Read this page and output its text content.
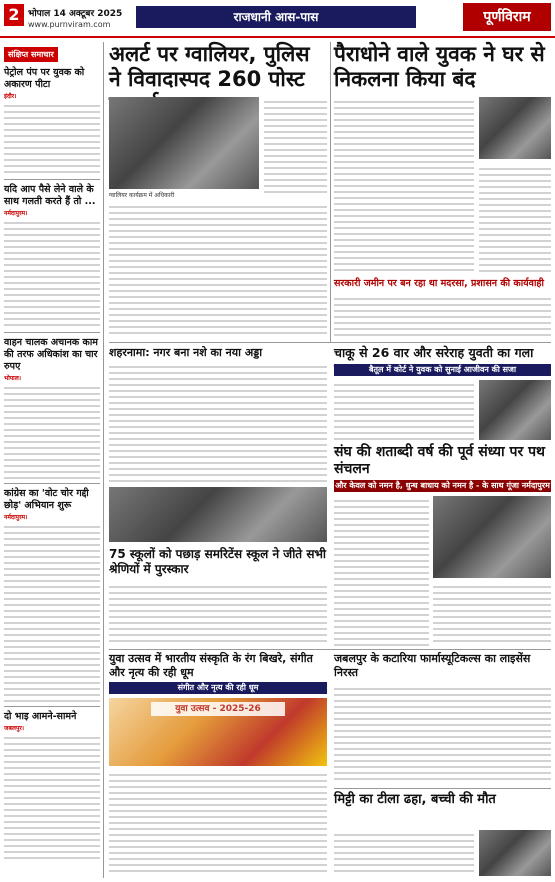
2 भोपाल 14 अक्टूबर 2025
www.purnviram.com
राजधानी आस-पास	पूर्णविराम
संक्षिप्त समाचार
पेट्रोल पंप पर युवक को अकारण पीटा
इंदौर।
यदि आप पैसे लेने वाले के साथ गलती करते हैं तो ...
नर्मदापुरम।
वाहन चालक अचानक काम की तरफ अधिकांश का चार रुपए
भोपाल।
कांग्रेस का 'वोट चोर गद्दी छोड़' अभियान शुरू
नर्मदापुरम।
दो भाइ आमने-सामने
जबलपुर।
अलर्ट पर ग्वालियर, पुलिस ने विवादास्पद 260 पोस्ट
ग्वालियर कार्यक्रम में अधिकारी
पैराधोने वाले युवक ने घर से निकलना किया बंद
सरकारी जमीन पर बन रहा था मदरसा, प्रशासन की कार्यवाही
शहरनामा: नगर बना नशे का नया अड्डा	चाकू से 26 वार और सरेराह युवती का गला
बैतूल में कोर्ट ने युवक को सुनाई आजीवन की सजा
संघ की शताब्दी वर्ष की पूर्व संध्या पर पथ संचलन
और केवल को नमन है, धुन्ध बाधाय को नमन है - के साथ गूंजा नर्मदापुरम
75 स्कूलों को पछाड़ समरिटेंस स्कूल ने जीते सभी श्रेणियों में पुरस्कार
जबलपुर के कटारिया फार्मास्यूटिकल्स का लाइसेंस निरस्त
युवा उत्सव में भारतीय संस्कृति के रंग बिखरे, संगीत और नृत्य की रही धूम
संगीत और नृत्य की रही धूम
युवा उत्सव - 2025-26
मिट्टी का टीला ढहा, बच्ची की मौत
